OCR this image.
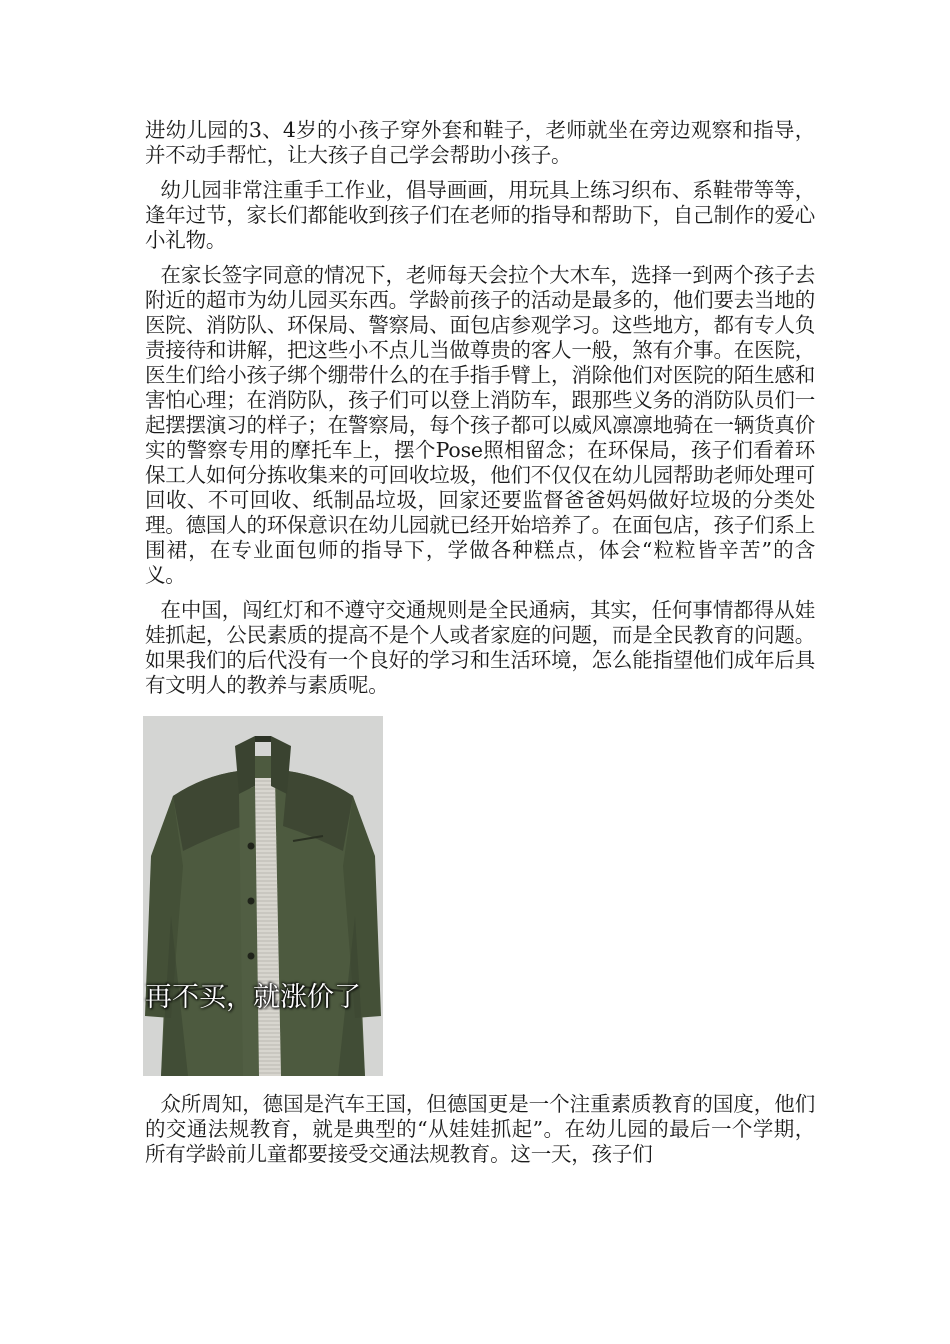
进幼儿园的3、4岁的小孩子穿外套和鞋子，老师就坐在旁边观察和指导，并不动手帮忙，让大孩子自己学会帮助小孩子。

幼儿园非常注重手工作业，倡导画画，用玩具上练习织布、系鞋带等等，逢年过节，家长们都能收到孩子们在老师的指导和帮助下，自己制作的爱心小礼物。

在家长签字同意的情况下，老师每天会拉个大木车，选择一到两个孩子去附近的超市为幼儿园买东西。学龄前孩子的活动是最多的，他们要去当地的医院、消防队、环保局、警察局、面包店参观学习。这些地方，都有专人负责接待和讲解，把这些小不点儿当做尊贵的客人一般，煞有介事。在医院，医生们给小孩子绑个绷带什么的在手指手臂上，消除他们对医院的陌生感和害怕心理；在消防队，孩子们可以登上消防车，跟那些义务的消防队员们一起摆摆演习的样子；在警察局，每个孩子都可以威风凛凛地骑在一辆货真价实的警察专用的摩托车上，摆个Pose照相留念；在环保局，孩子们看着环保工人如何分拣收集来的可回收垃圾，他们不仅仅在幼儿园帮助老师处理可回收、不可回收、纸制品垃圾，回家还要监督爸爸妈妈做好垃圾的分类处理。德国人的环保意识在幼儿园就已经开始培养了。在面包店，孩子们系上围裙，在专业面包师的指导下，学做各种糕点，体会“粒粒皆辛苦”的含义。

在中国，闯红灯和不遵守交通规则是全民通病，其实，任何事情都得从娃娃抓起，公民素质的提高不是个人或者家庭的问题，而是全民教育的问题。如果我们的后代没有一个良好的学习和生活环境，怎么能指望他们成年后具有文明人的教养与素质呢。

再不买，就涨价了

众所周知，德国是汽车王国，但德国更是一个注重素质教育的国度，他们的交通法规教育，就是典型的“从娃娃抓起”。在幼儿园的最后一个学期，所有学龄前儿童都要接受交通法规教育。这一天，孩子们
